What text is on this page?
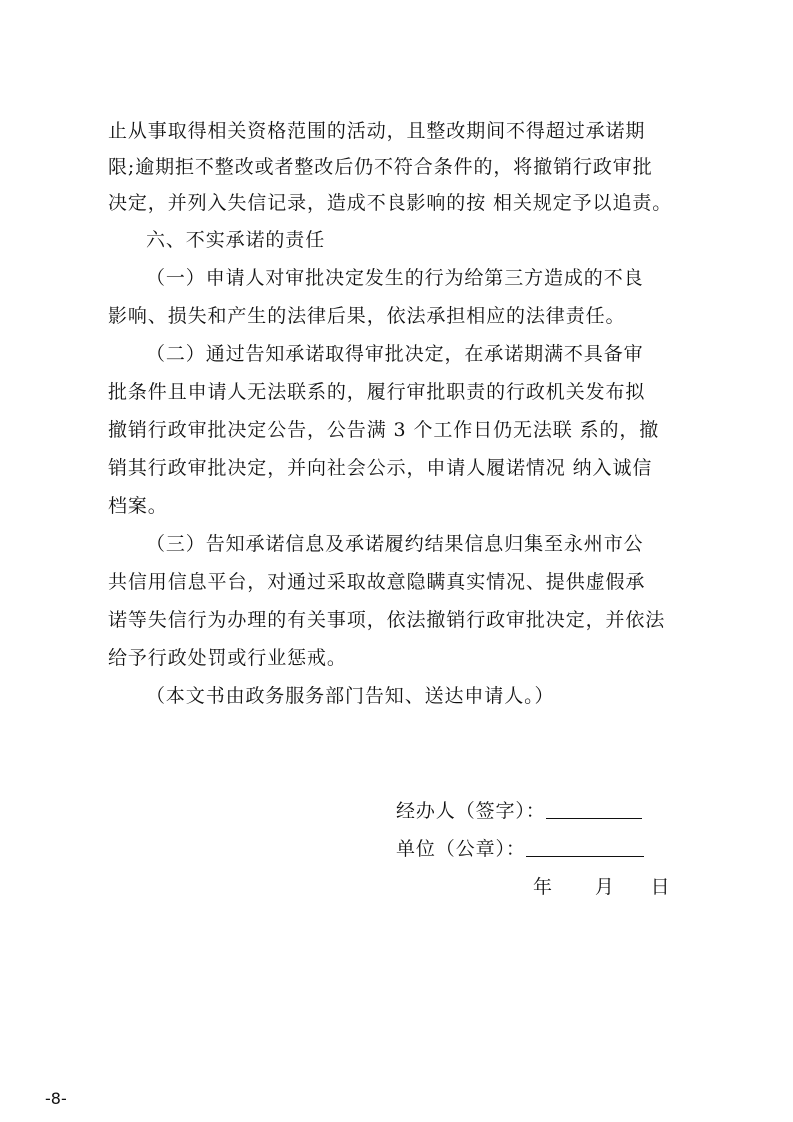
止从事取得相关资格范围的活动，且整改期间不得超过承诺期
限;逾期拒不整改或者整改后仍不符合条件的，将撤销行政审批
决定，并列入失信记录，造成不良影响的按 相关规定予以追责。
六、不实承诺的责任
（一）申请人对审批决定发生的行为给第三方造成的不良
影响、损失和产生的法律后果，依法承担相应的法律责任。
（二）通过告知承诺取得审批决定，在承诺期满不具备审
批条件且申请人无法联系的，履行审批职责的行政机关发布拟
撤销行政审批决定公告，公告满 3 个工作日仍无法联 系的，撤
销其行政审批决定，并向社会公示，申请人履诺情况 纳入诚信
档案。
（三）告知承诺信息及承诺履约结果信息归集至永州市公
共信用信息平台，对通过采取故意隐瞒真实情况、提供虚假承
诺等失信行为办理的有关事项，依法撤销行政审批决定，并依法
给予行政处罚或行业惩戒。
（本文书由政务服务部门告知、送达申请人。）
经办人（签字）：
单位（公章）：
年 月 日
-8-
